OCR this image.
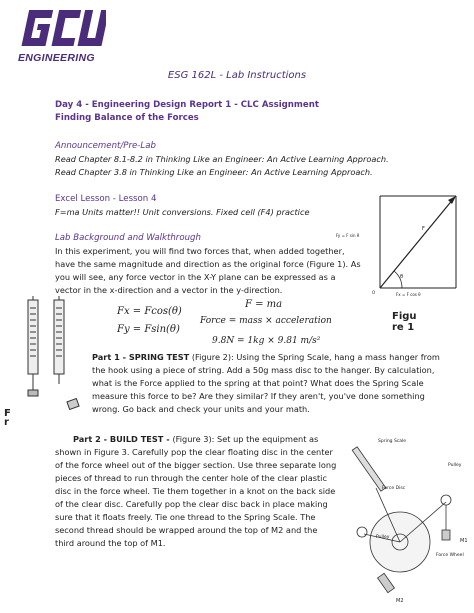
ENGINEERING
ESG 162L - Lab Instructions
Day 4 - Engineering Design Report 1 - CLC Assignment
Finding Balance of the Forces
Announcement/Pre-Lab
Read Chapter 8.1-8.2 in Thinking Like an Engineer: An Active Learning Approach.
Read Chapter 3.8 in Thinking Like an Engineer: An Active Learning Approach.
Excel Lesson - Lesson 4
F=ma Units matter!! Unit conversions. Fixed cell (F4) practice
Lab Background and Walkthrough
In this experiment, you will find two forces that, when added together,
have the same magnitude and direction as the original force (Figure 1). As
you will see, any force vector in the X-Y plane can be expressed as a
vector in the x-direction and a vector in the y-direction.
Fy = F sin θ
F
θ
Fx = F cos θ
O
Figu
re 1
Fx = Fcos(θ)
Fy = Fsin(θ)
F = ma
Force = mass × acceleration
9.8N = 1kg × 9.81 m/s²
F
r
Part 1 - SPRING TEST (Figure 2): Using the Spring Scale, hang a mass hanger from
the hook using a piece of string. Add a 50g mass disc to the hanger. By calculation,
what is the Force applied to the spring at that point? What does the Spring Scale
measure this force to be? Are they similar? If they aren't, you've done something
wrong. Go back and check your units and your math.
Part 2 - BUILD TEST - (Figure 3): Set up the equipment as
shown in Figure 3. Carefully pop the clear floating disc in the center
of the force wheel out of the bigger section. Use three separate long
pieces of thread to run through the center hole of the clear plastic
disc in the force wheel. Tie them together in a knot on the back side
of the clear disc. Carefully pop the clear disc back in place making
sure that it floats freely. Tie one thread to the Spring Scale. The
second thread should be wrapped around the top of M2 and the
third around the top of M1.
Spring Scale
Pulley
Force Disc
Pulley
Force Wheel
M1
M2
